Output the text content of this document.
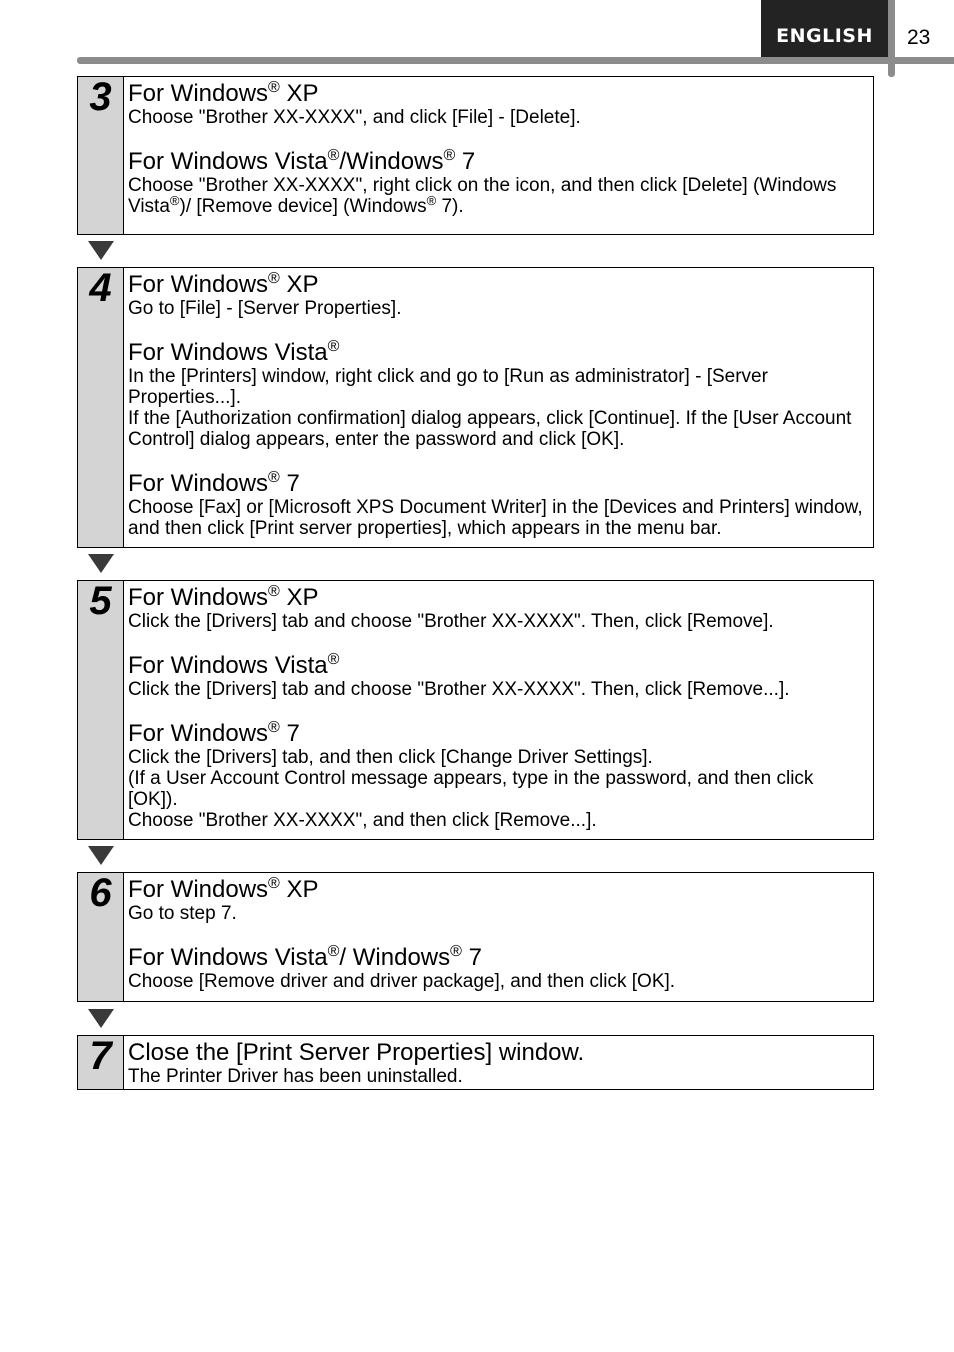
ENGLISH 23
3 For Windows® XP
Choose "Brother XX-XXXX", and click [File] - [Delete].
For Windows Vista®/Windows® 7
Choose "Brother XX-XXXX", right click on the icon, and then click [Delete] (Windows Vista®)/ [Remove device] (Windows® 7).
4 For Windows® XP
Go to [File] - [Server Properties].
For Windows Vista®
In the [Printers] window, right click and go to [Run as administrator] - [Server Properties...].
If the [Authorization confirmation] dialog appears, click [Continue]. If the [User Account Control] dialog appears, enter the password and click [OK].
For Windows® 7
Choose [Fax] or [Microsoft XPS Document Writer] in the [Devices and Printers] window, and then click [Print server properties], which appears in the menu bar.
5 For Windows® XP
Click the [Drivers] tab and choose "Brother XX-XXXX". Then, click [Remove].
For Windows Vista®
Click the [Drivers] tab and choose "Brother XX-XXXX". Then, click [Remove...].
For Windows® 7
Click the [Drivers] tab, and then click [Change Driver Settings].
(If a User Account Control message appears, type in the password, and then click [OK]).
Choose "Brother XX-XXXX", and then click [Remove...].
6 For Windows® XP
Go to step 7.
For Windows Vista®/ Windows® 7
Choose [Remove driver and driver package], and then click [OK].
7 Close the [Print Server Properties] window.
The Printer Driver has been uninstalled.
